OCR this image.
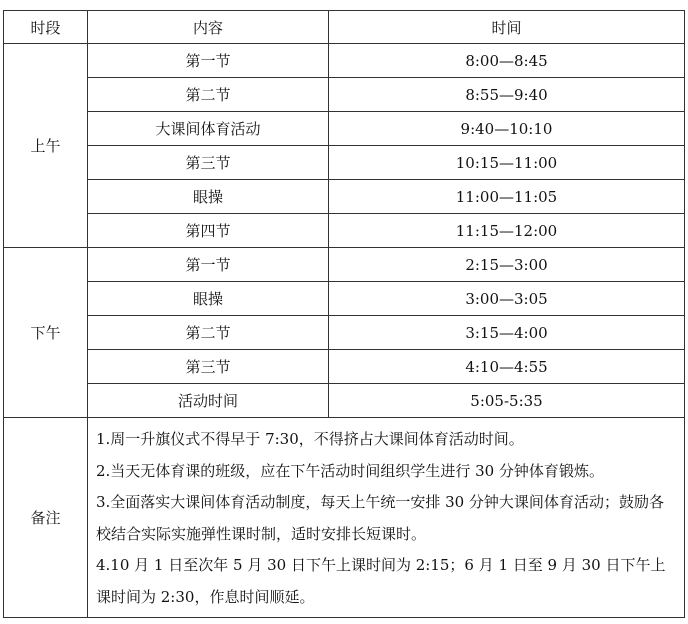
时段	内容	时间
上午	第一节	8:00—8:45
	第二节	8:55—9:40
	大课间体育活动	9:40—10:10
	第三节	10:15—11:00
	眼操	11:00—11:05
	第四节	11:15—12:00
下午	第一节	2:15—3:00
	眼操	3:00—3:05
	第二节	3:15—4:00
	第三节	4:10—4:55
	活动时间	5:05-5:35
备注	1.周一升旗仪式不得早于 7:30，不得挤占大课间体育活动时间。
2.当天无体育课的班级，应在下午活动时间组织学生进行 30 分钟体育锻炼。
3.全面落实大课间体育活动制度，每天上午统一安排 30 分钟大课间体育活动；鼓励各校结合实际实施弹性课时制，适时安排长短课时。
4.10 月 1 日至次年 5 月 30 日下午上课时间为 2:15；6 月 1 日至 9 月 30 日下午上课时间为 2:30，作息时间顺延。	
